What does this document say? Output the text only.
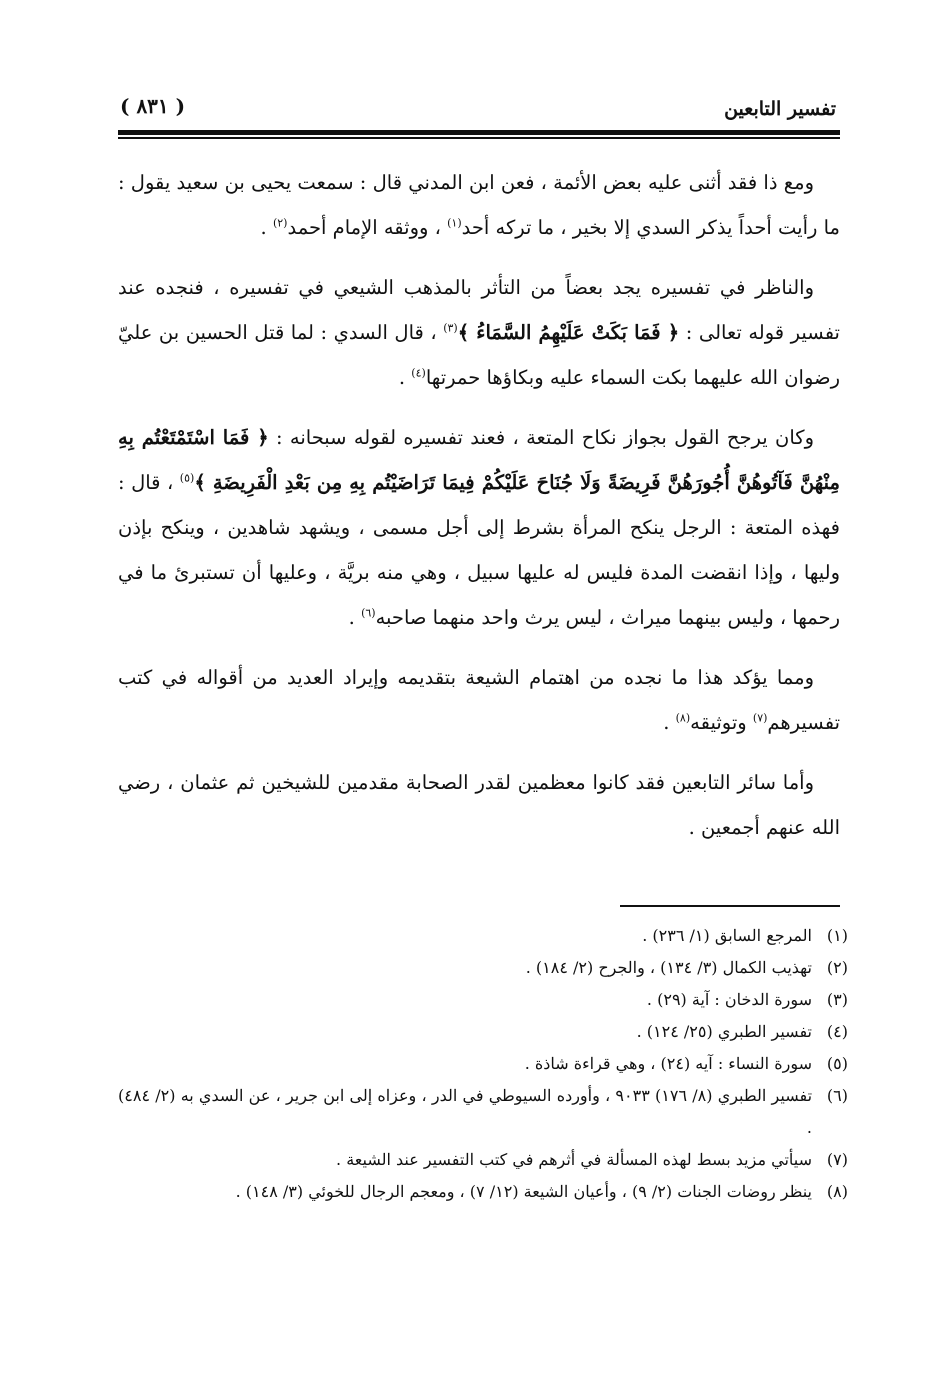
تفسير التابعين
( ٨٣١ )

ومع ذا فقد أثنى عليه بعض الأئمة ، فعن ابن المدني قال : سمعت يحيى بن سعيد يقول : ما رأيت أحداً يذكر السدي إلا بخير ، ما تركه أحد$^{(١)}$ ، ووثقه الإمام أحمد$^{(٢)}$ .

والناظر في تفسيره يجد بعضاً من التأثر بالمذهب الشيعي في تفسيره ، فنجده عند تفسير قوله تعالى : ﴿ فَمَا بَكَتْ عَلَيْهِمُ السَّمَاءُ ﴾$^{(٣)}$ ، قال السدي : لما قتل الحسين بن عليّ رضوان الله عليهما بكت السماء عليه وبكاؤها حمرتها$^{(٤)}$ .

وكان يرجح القول بجواز نكاح المتعة ، فعند تفسيره لقوله سبحانه : ﴿ فَمَا اسْتَمْتَعْتُم بِهِ مِنْهُنَّ فَآتُوهُنَّ أُجُورَهُنَّ فَرِيضَةً وَلَا جُنَاحَ عَلَيْكُمْ فِيمَا تَرَاضَيْتُم بِهِ مِن بَعْدِ الْفَرِيضَةِ ﴾$^{(٥)}$ ، قال : فهذه المتعة : الرجل ينكح المرأة بشرط إلى أجل مسمى ، ويشهد شاهدين ، وينكح بإذن وليها ، وإذا انقضت المدة فليس له عليها سبيل ، وهي منه بريَّة ، وعليها أن تستبرئ ما في رحمها ، وليس بينهما ميراث ، ليس يرث واحد منهما صاحبه$^{(٦)}$ .

ومما يؤكد هذا ما نجده من اهتمام الشيعة بتقديمه وإيراد العديد من أقواله في كتب تفسيرهم$^{(٧)}$ وتوثيقه$^{(٨)}$ .

وأما سائر التابعين فقد كانوا معظمين لقدر الصحابة مقدمين للشيخين ثم عثمان ، رضي الله عنهم أجمعين .

(١)
المرجع السابق (١/ ٢٣٦) .
(٢)
تهذيب الكمال (٣/ ١٣٤) ، والجرح (٢/ ١٨٤) .
(٣)
سورة الدخان : آية (٢٩) .
(٤)
تفسير الطبري (٢٥/ ١٢٤) .
(٥)
سورة النساء : آيه (٢٤) ، وهي قراءة شاذة .
(٦)
تفسير الطبري (٨/ ١٧٦) ٩٠٣٣ ، وأورده السيوطي في الدر ، وعزاه إلى ابن جرير ، عن السدي به (٢/ ٤٨٤) .
(٧)
سيأتي مزيد بسط لهذه المسألة في أثرهم في كتب التفسير عند الشيعة .
(٨)
ينظر روضات الجنات (٢/ ٩) ، وأعيان الشيعة (١٢/ ٧) ، ومعجم الرجال للخوئي (٣/ ١٤٨) .
